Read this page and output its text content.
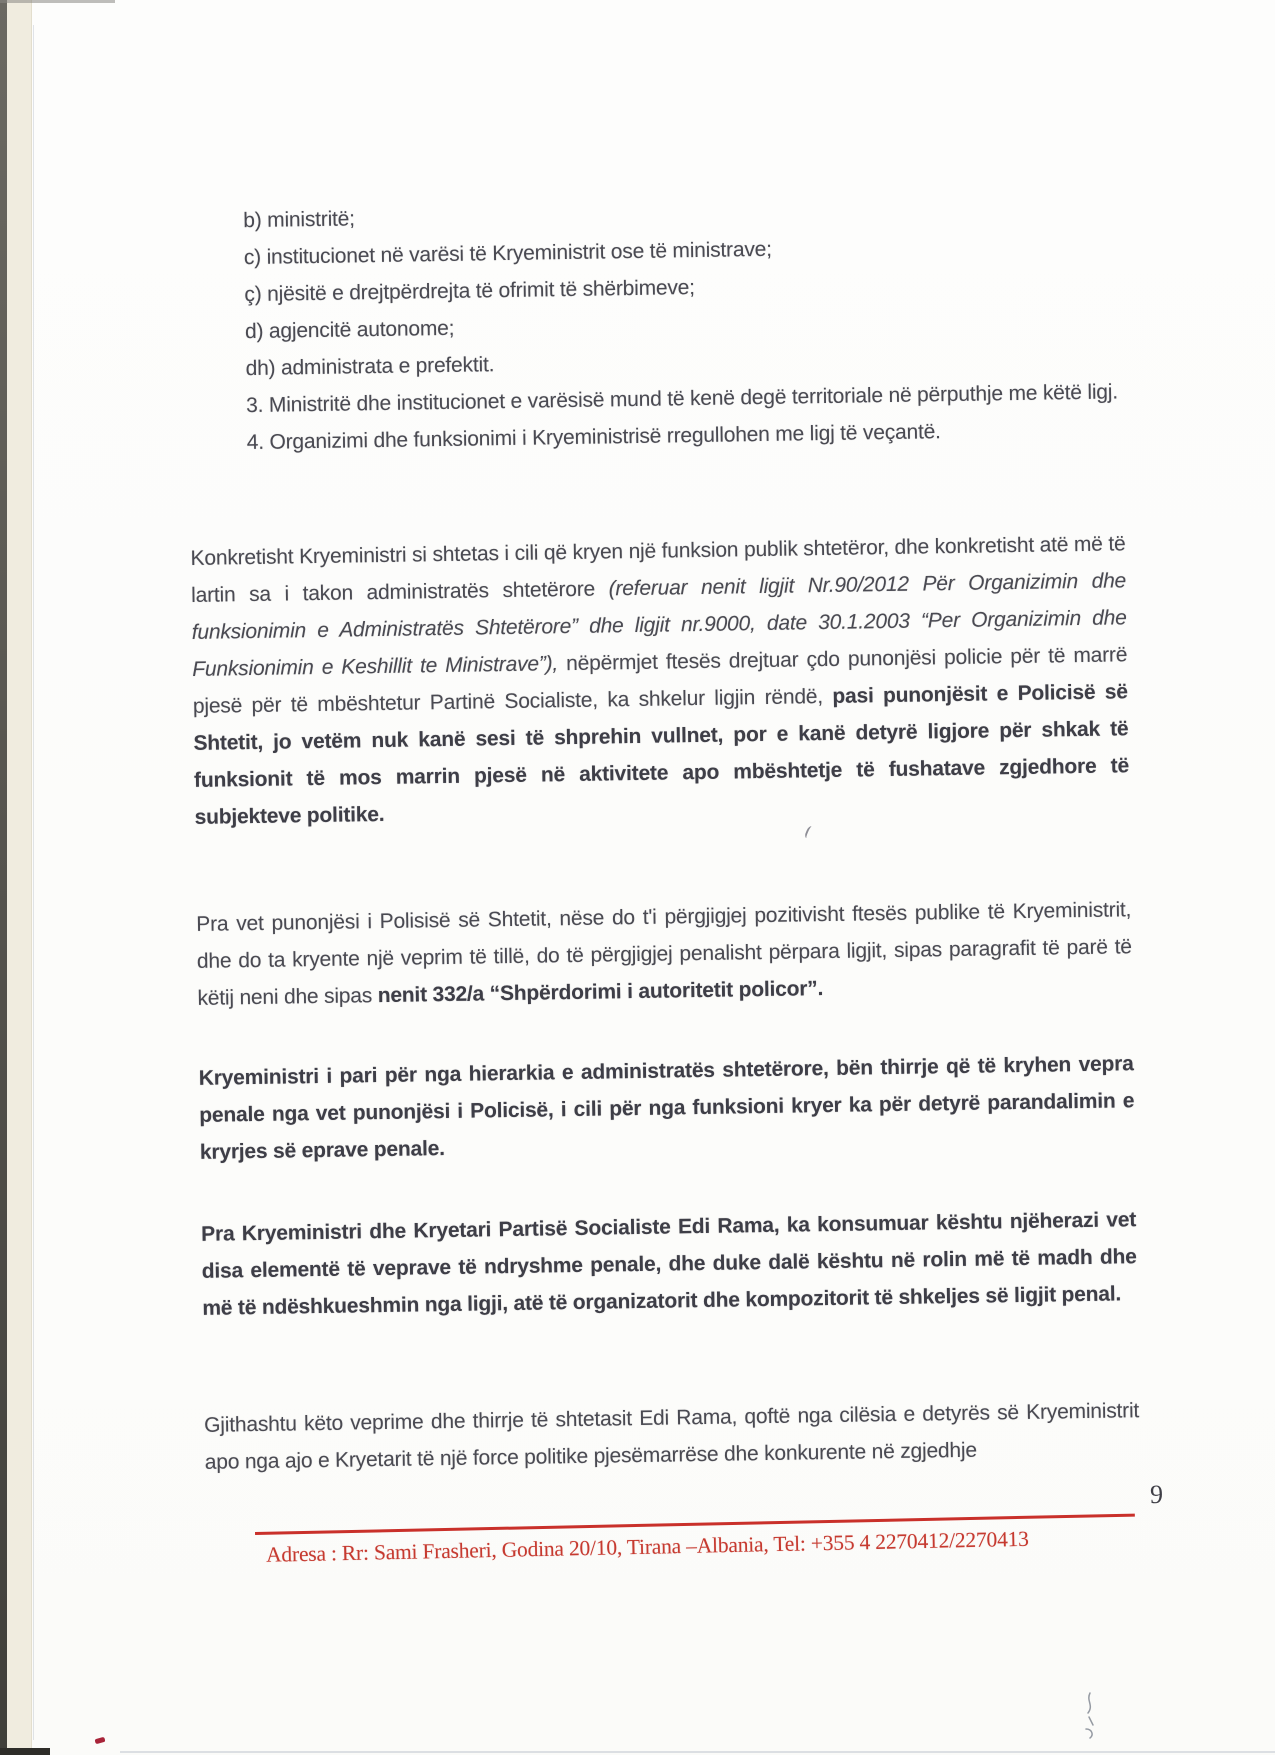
b) ministritë;
c) institucionet në varësi të Kryeministrit ose të ministrave;
ç) njësitë e drejtpërdrejta të ofrimit të shërbimeve;
d) agjencitë autonome;
dh) administrata e prefektit.
3. Ministritë dhe institucionet e varësisë mund të kenë degë territoriale në përputhje me këtë ligj.
4. Organizimi dhe funksionimi i Kryeministrisë rregullohen me ligj të veçantë.
Konkretisht Kryeministri si shtetas i cili që kryen një funksion publik shtetëror, dhe konkretisht atë më të lartin sa i takon administratës shtetërore (referuar nenit ligjit Nr.90/2012 Për Organizimin dhe funksionimin e Administratës Shtetërore” dhe ligjit nr.9000, date 30.1.2003 “Per Organizimin dhe Funksionimin e Keshillit te Ministrave”), nëpërmjet ftesës drejtuar çdo punonjësi policie për të marrë pjesë për të mbështetur Partinë Socialiste, ka shkelur ligjin rëndë, pasi punonjësit e Policisë së Shtetit, jo vetëm nuk kanë sesi të shprehin vullnet, por e kanë detyrë ligjore për shkak të funksionit të mos marrin pjesë në aktivitete apo mbështetje të fushatave zgjedhore të subjekteve politike.
Pra vet punonjësi i Polisisë së Shtetit, nëse do t'i përgjigjej pozitivisht ftesës publike të Kryeministrit, dhe do ta kryente një veprim të tillë, do të përgjigjej penalisht përpara ligjit, sipas paragrafit të parë të këtij neni dhe sipas nenit 332/a “Shpërdorimi i autoritetit policor”.
Kryeministri i pari për nga hierarkia e administratës shtetërore, bën thirrje që të kryhen vepra penale nga vet punonjësi i Policisë, i cili për nga funksioni kryer ka për detyrë parandalimin e kryrjes së eprave penale.
Pra Kryeministri dhe Kryetari Partisë Socialiste Edi Rama, ka konsumuar kështu njëherazi vet disa elementë të veprave të ndryshme penale, dhe duke dalë kështu në rolin më të madh dhe më të ndëshkueshmin nga ligji, atë të organizatorit dhe kompozitorit të shkeljes së ligjit penal.
Gjithashtu këto veprime dhe thirrje të shtetasit Edi Rama, qoftë nga cilësia e detyrës së Kryeministrit apo nga ajo e Kryetarit të një force politike pjesëmarrëse dhe konkurente në zgjedhje
9
Adresa : Rr: Sami Frasheri, Godina 20/10, Tirana –Albania, Tel: +355 4 2270412/2270413
